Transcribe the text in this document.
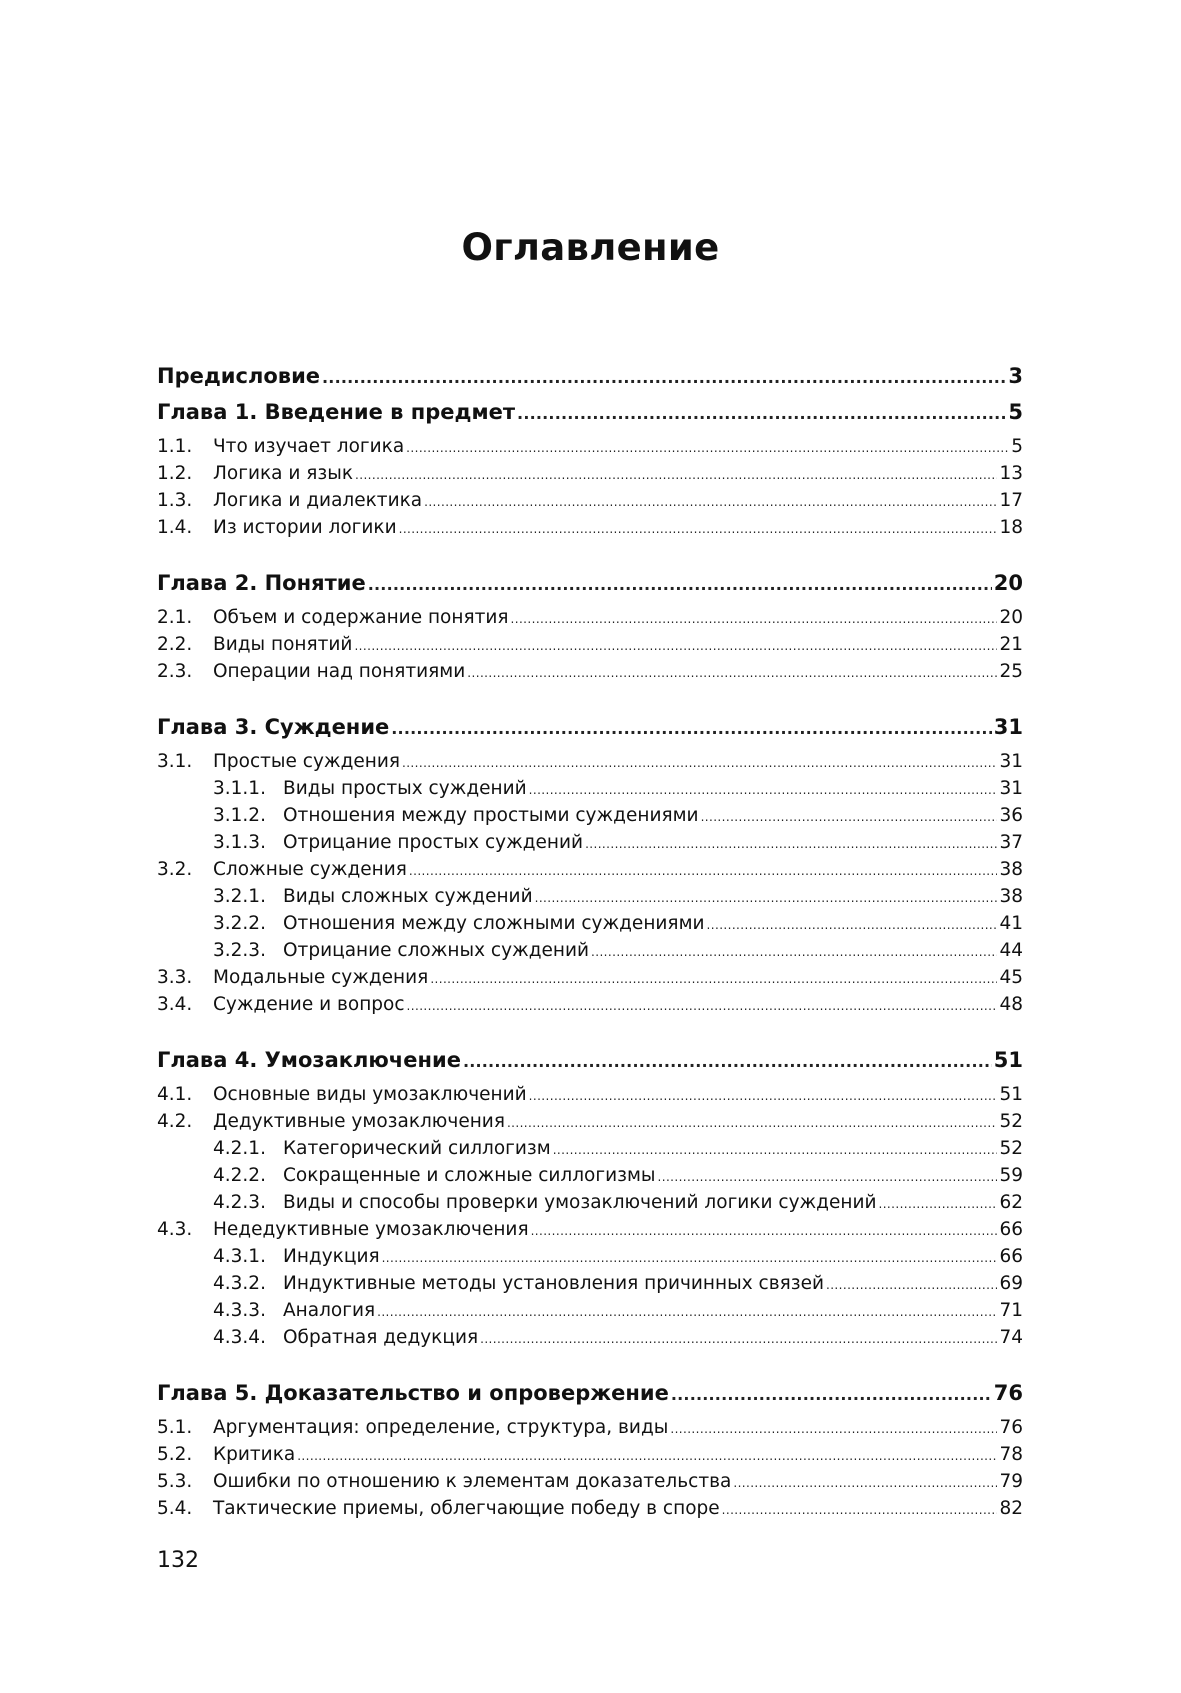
Оглавление
Предисловие .....	3
Глава 1. Введение в предмет .....	5
1.1.	Что изучает логика .....	5
1.2.	Логика и язык .....	13
1.3.	Логика и диалектика .....	17
1.4.	Из истории логики .....	18
Глава 2. Понятие .....	20
2.1.	Объем и содержание понятия .....	20
2.2.	Виды понятий .....	21
2.3.	Операции над понятиями .....	25
Глава 3. Суждение .....	31
3.1.	Простые суждения .....	31
3.1.1. Виды простых суждений .....	31
3.1.2. Отношения между простыми суждениями .....	36
3.1.3. Отрицание простых суждений .....	37
3.2.	Сложные суждения .....	38
3.2.1. Виды сложных суждений .....	38
3.2.2. Отношения между сложными суждениями .....	41
3.2.3. Отрицание сложных суждений .....	44
3.3.	Модальные суждения .....	45
3.4.	Суждение и вопрос .....	48
Глава 4. Умозаключение .....	51
4.1.	Основные виды умозаключений .....	51
4.2.	Дедуктивные умозаключения .....	52
4.2.1. Категорический силлогизм .....	52
4.2.2. Сокращенные и сложные силлогизмы .....	59
4.2.3. Виды и способы проверки умозаключений логики суждений .....	62
4.3.	Недедуктивные умозаключения .....	66
4.3.1. Индукция .....	66
4.3.2. Индуктивные методы установления причинных связей .....	69
4.3.3. Аналогия .....	71
4.3.4. Обратная дедукция .....	74
Глава 5. Доказательство и опровержение .....	76
5.1.	Аргументация: определение, структура, виды .....	76
5.2.	Критика .....	78
5.3.	Ошибки по отношению к элементам доказательства .....	79
5.4.	Тактические приемы, облегчающие победу в споре .....	82
132
